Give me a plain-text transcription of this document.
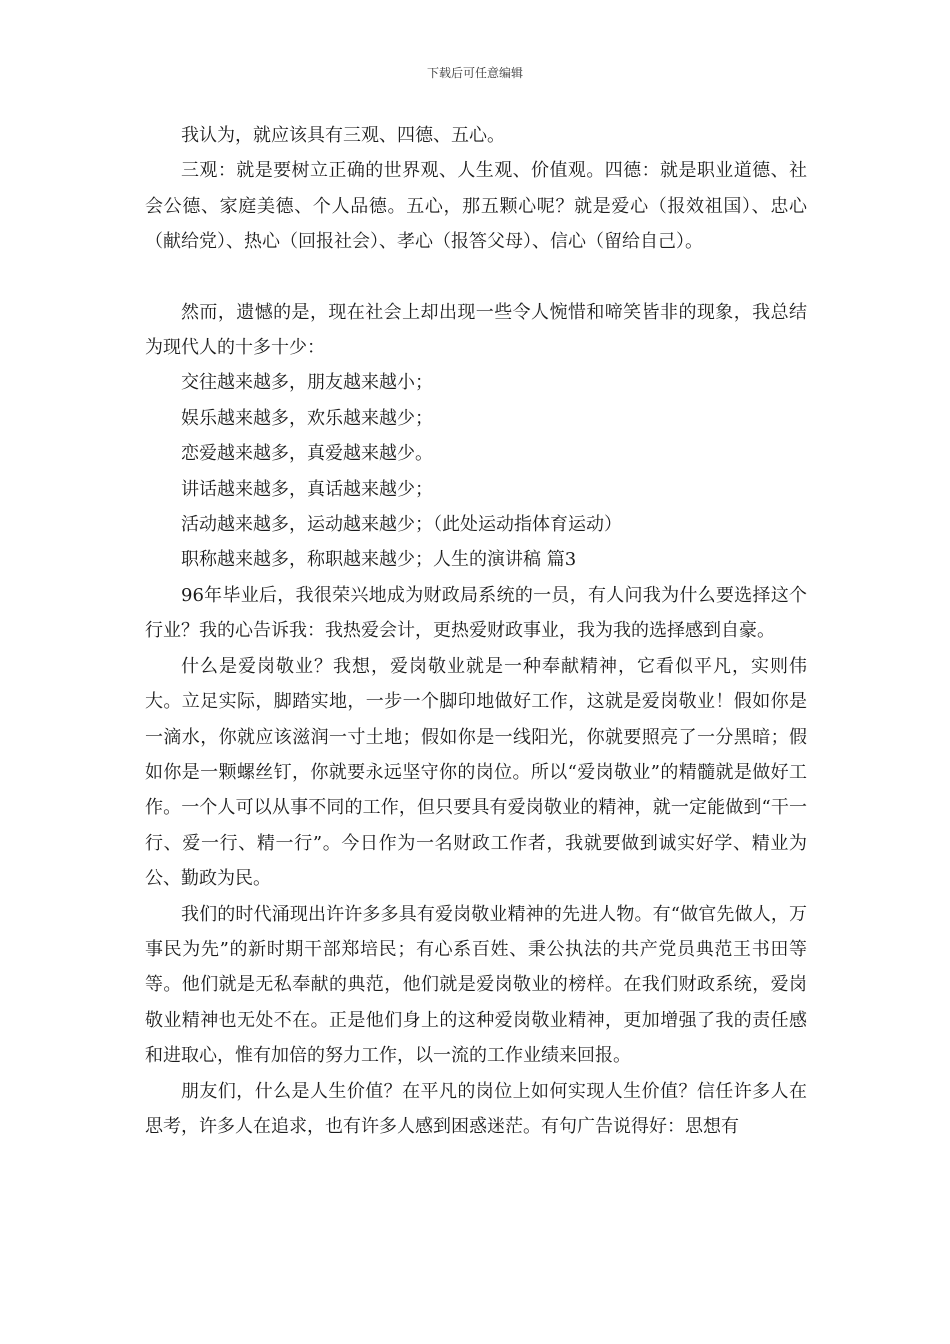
下载后可任意编辑

我认为，就应该具有三观、四德、五心。

三观：就是要树立正确的世界观、人生观、价值观。四德：就是职业道德、社会公德、家庭美德、个人品德。五心，那五颗心呢？就是爱心（报效祖国）、忠心（献给党）、热心（回报社会）、孝心（报答父母）、信心（留给自己）。

然而，遗憾的是，现在社会上却出现一些令人惋惜和啼笑皆非的现象，我总结为现代人的十多十少：

交往越来越多，朋友越来越小；

娱乐越来越多，欢乐越来越少；

恋爱越来越多，真爱越来越少。

讲话越来越多，真话越来越少；

活动越来越多，运动越来越少；（此处运动指体育运动）

职称越来越多，称职越来越少；人生的演讲稿 篇3

96年毕业后，我很荣兴地成为财政局系统的一员，有人问我为什么要选择这个行业？我的心告诉我：我热爱会计，更热爱财政事业，我为我的选择感到自豪。

什么是爱岗敬业？我想，爱岗敬业就是一种奉献精神，它看似平凡，实则伟大。立足实际，脚踏实地，一步一个脚印地做好工作，这就是爱岗敬业！假如你是一滴水，你就应该滋润一寸土地；假如你是一线阳光，你就要照亮了一分黑暗；假如你是一颗螺丝钉，你就要永远坚守你的岗位。所以“爱岗敬业”的精髓就是做好工作。一个人可以从事不同的工作，但只要具有爱岗敬业的精神，就一定能做到“干一行、爱一行、精一行”。今日作为一名财政工作者，我就要做到诚实好学、精业为公、勤政为民。

我们的时代涌现出许许多多具有爱岗敬业精神的先进人物。有“做官先做人，万事民为先”的新时期干部郑培民；有心系百姓、秉公执法的共产党员典范王书田等等。他们就是无私奉献的典范，他们就是爱岗敬业的榜样。在我们财政系统，爱岗敬业精神也无处不在。正是他们身上的这种爱岗敬业精神，更加增强了我的责任感和进取心，惟有加倍的努力工作，以一流的工作业绩来回报。

朋友们，什么是人生价值？在平凡的岗位上如何实现人生价值？信任许多人在思考，许多人在追求，也有许多人感到困惑迷茫。有句广告说得好：思想有
